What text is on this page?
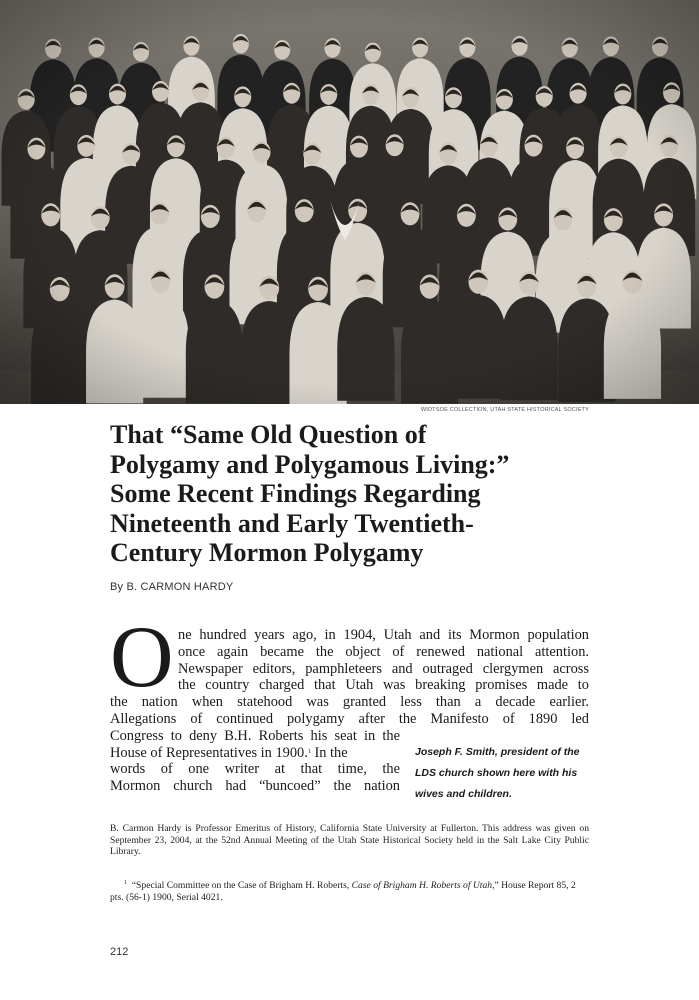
WIDTSOE COLLECTION, UTAH STATE HISTORICAL SOCIETY
That “Same Old Question of
Polygamy and Polygamous Living:”
Some Recent Findings Regarding
Nineteenth and Early Twentieth-
Century Mormon Polygamy
By B. CARMON HARDY
O ne hundred years ago, in 1904, Utah and its Mormon population
once again became the object of renewed national attention.
Newspaper editors, pamphleteers and outraged clergymen across
the country charged that Utah was breaking promises made to
the nation when statehood was granted less than a decade earlier.
Allegations of continued polygamy after the Manifesto of 1890 led
Congress to deny B.H. Roberts his seat in the
House of Representatives in 1900.$^1$ In the
words of one writer at that time, the
Mormon church had “buncoed” the nation
Joseph F. Smith, president of the
LDS church shown here with his
wives and children.
B. Carmon Hardy is Professor Emeritus of History, California State University at Fullerton. This address was given on September 23, 2004, at the 52nd Annual Meeting of the Utah State Historical Society held in the Salt Lake City Public Library.
$^1$ “Special Committee on the Case of Brigham H. Roberts, Case of Brigham H. Roberts of Utah,” House Report 85, 2 pts. (56-1) 1900, Serial 4021.
212
